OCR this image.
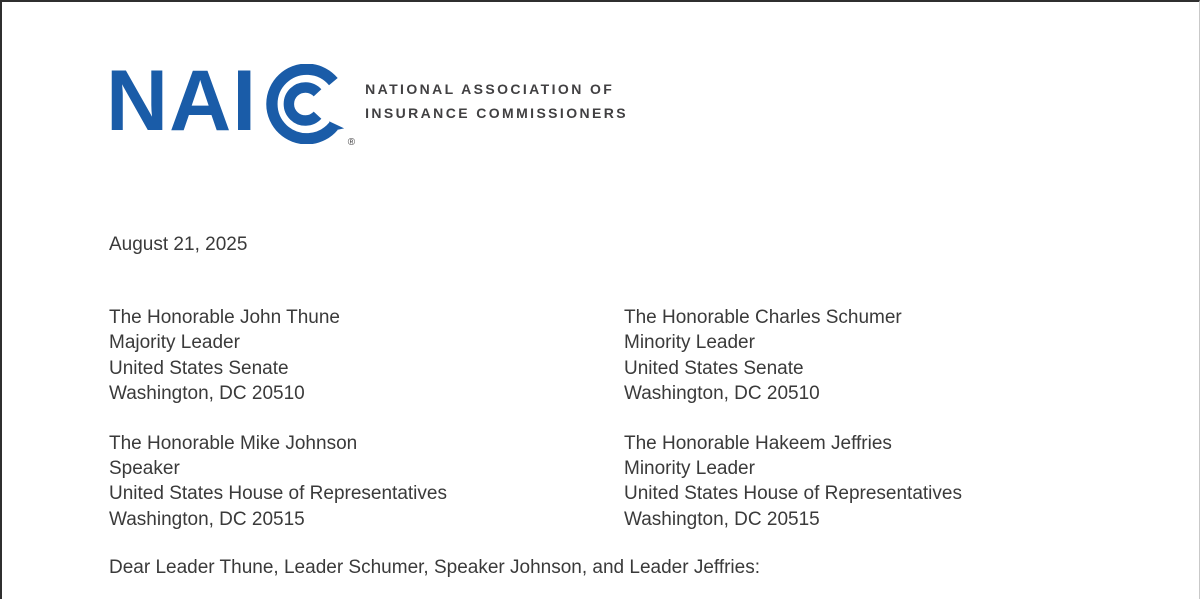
NAI	®
NATIONAL ASSOCIATION OF
INSURANCE COMMISSIONERS
August 21, 2025
The Honorable John Thune
Majority Leader
United States Senate
Washington, DC 20510
The Honorable Charles Schumer
Minority Leader
United States Senate
Washington, DC 20510
The Honorable Mike Johnson
Speaker
United States House of Representatives
Washington, DC 20515
The Honorable Hakeem Jeffries
Minority Leader
United States House of Representatives
Washington, DC 20515
Dear Leader Thune, Leader Schumer, Speaker Johnson, and Leader Jeffries:
